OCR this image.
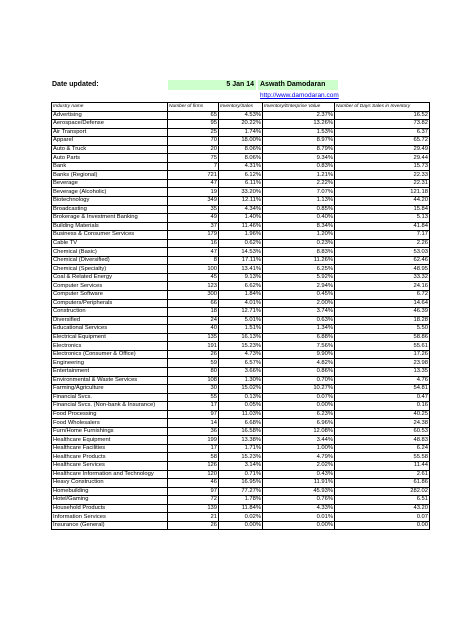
Date updated:	5 Jan 14 Aswath Damodaran
http://www.damodaran.com
Industry name	Number of firms	Inventory/Sales	Inventory/Enterprise Value	Number of Days Sales in Inventory
Advertising	65	4.53%	2.37%	16.52
Aerospace/Defense	95	20.22%	13.26%	73.82
Air Transport	25	1.74%	1.53%	6.37
Apparel	70	18.00%	8.97%	65.72
Auto & Truck	20	8.06%	8.79%	29.49
Auto Parts	75	8.06%	9.34%	29.44
Bank	7	4.31%	0.83%	15.73
Banks (Regional)	721	6.12%	1.21%	22.33
Beverage	47	6.11%	2.22%	22.31
Beverage (Alcoholic)	19	33.20%	7.07%	121.18
Biotechnology	349	12.11%	1.13%	44.20
Broadcasting	35	4.34%	0.85%	15.84
Brokerage & Investment Banking	49	1.40%	0.40%	5.13
Building Materials	37	11.46%	8.34%	41.84
Business & Consumer Services	179	1.96%	1.20%	7.17
Cable TV	16	0.62%	0.23%	2.26
Chemical (Basic)	47	14.53%	8.83%	53.03
Chemical (Diversified)	8	17.11%	11.26%	62.46
Chemical (Specialty)	100	13.41%	6.25%	48.95
Coal & Related Energy	45	9.13%	5.92%	33.32
Computer Services	123	6.62%	2.94%	24.16
Computer Software	300	1.84%	0.45%	6.72
Computers/Peripherals	66	4.01%	2.00%	14.64
Construction	18	12.71%	3.74%	46.39
Diversified	24	5.01%	0.63%	18.28
Educational Services	40	1.51%	1.34%	5.50
Electrical Equipment	135	16.13%	6.88%	58.86
Electronics	191	15.23%	7.56%	55.61
Electronics (Consumer & Office)	26	4.73%	9.90%	17.26
Engineering	59	6.57%	4.82%	23.98
Entertainment	80	3.66%	0.86%	13.35
Environmental & Waste Services	108	1.30%	0.70%	4.76
Farming/Agriculture	30	15.02%	10.27%	54.81
Financial Svcs.	55	0.13%	0.07%	0.47
Financial Svcs. (Non-bank & Insurance)	17	0.05%	0.00%	0.16
Food Processing	97	11.03%	6.23%	40.25
Food Wholesalers	14	6.68%	6.96%	24.38
Furn/Home Furnishings	36	16.58%	12.08%	60.53
Healthcare Equipment	199	13.38%	3.44%	48.83
Healthcare Facilities	17	1.71%	1.00%	6.24
Healthcare Products	58	15.23%	4.79%	55.58
Healthcare Services	126	3.14%	2.02%	11.44
Healthcare Information and Technology	120	0.71%	0.43%	2.61
Heavy Construction	46	16.95%	11.91%	61.86
Homebuilding	97	77.27%	45.93%	282.02
Hotel/Gaming	72	1.78%	0.76%	6.51
Household Products	139	11.84%	4.33%	43.20
Information Services	21	0.02%	0.01%	0.07
Insurance (General)	26	0.00%	0.00%	0.00
